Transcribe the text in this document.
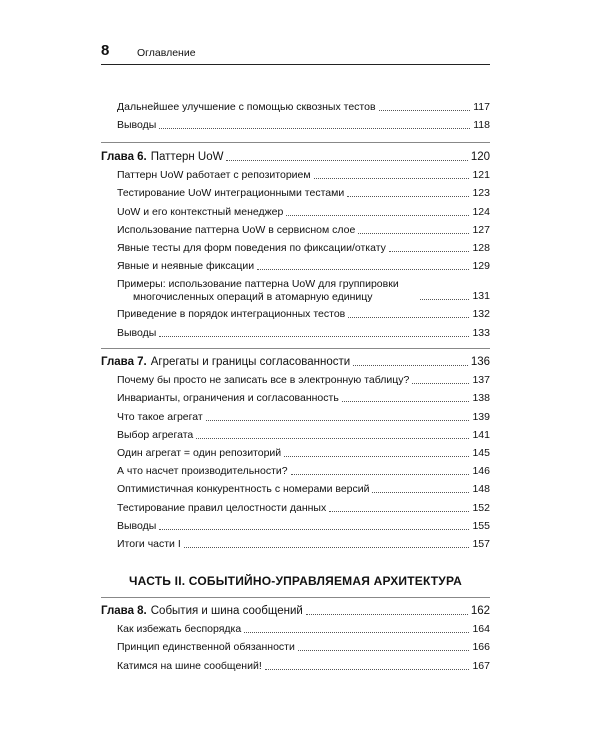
8	Оглавление
Дальнейшее улучшение с помощью сквозных тестов	117
Выводы	118
Глава 6. Паттерн UoW	120
Паттерн UoW работает с репозиторием	121
Тестирование UoW интеграционными тестами	123
UoW и его контекстный менеджер	124
Использование паттерна UoW в сервисном слое	127
Явные тесты для форм поведения по фиксации/откату	128
Явные и неявные фиксации	129
Примеры: использование паттерна UoW для группировки
многочисленных операций в атомарную единицу	131
Приведение в порядок интеграционных тестов	132
Выводы	133
Глава 7. Агрегаты и границы согласованности	136
Почему бы просто не записать все в электронную таблицу?	137
Инварианты, ограничения и согласованность	138
Что такое агрегат	139
Выбор агрегата	141
Один агрегат = один репозиторий	145
А что насчет производительности?	146
Оптимистичная конкурентность с номерами версий	148
Тестирование правил целостности данных	152
Выводы	155
Итоги части I	157
ЧАСТЬ II. СОБЫТИЙНО-УПРАВЛЯЕМАЯ АРХИТЕКТУРА
Глава 8. События и шина сообщений	162
Как избежать беспорядка	164
Принцип единственной обязанности	166
Катимся на шине сообщений!	167
